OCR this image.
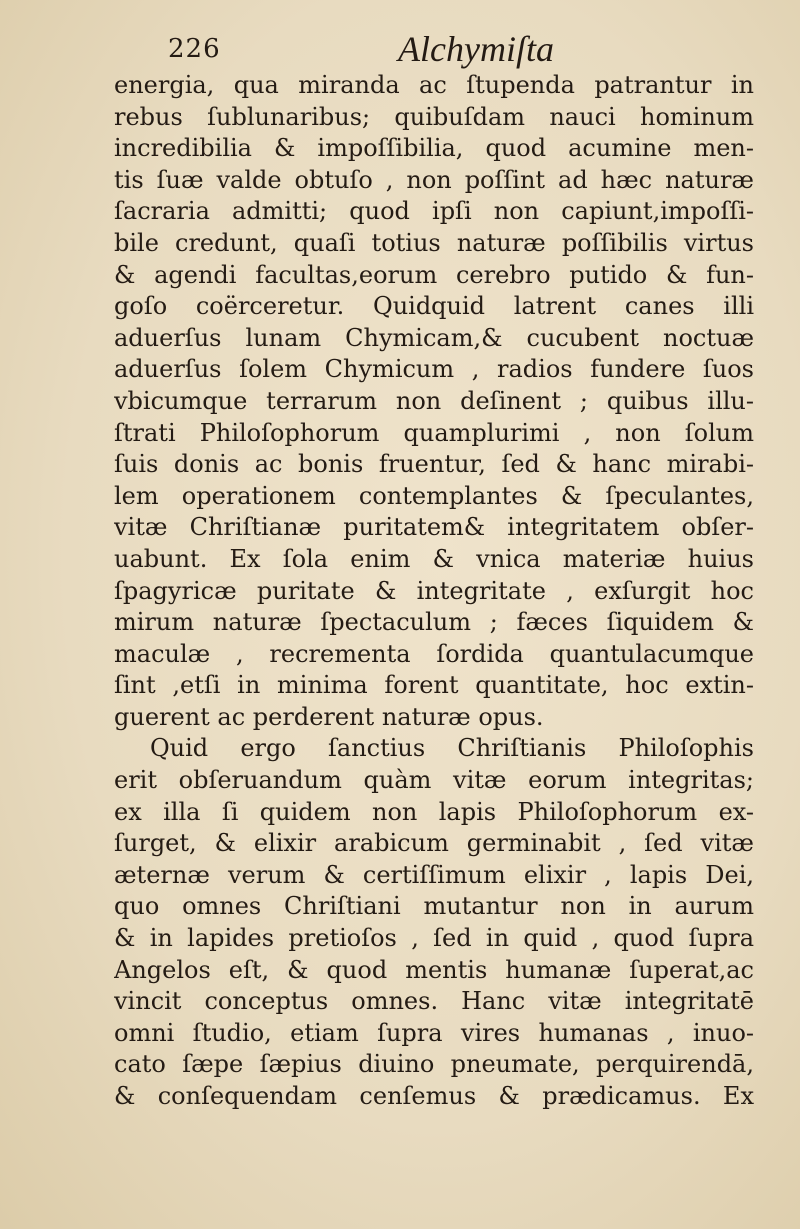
226	Alchymiſta
energia, qua miranda ac ſtupenda patrantur in
rebus ſublunaribus; quibuſdam nauci hominum
incredibilia & impoſſibilia, quod acumine men-
tis ſuæ valde obtuſo , non poſſint ad hæc naturæ
ſacraria admitti; quod ipſi non capiunt,impoſſi-
bile credunt, quaſi totius naturæ poſſibilis virtus
& agendi facultas,eorum cerebro putido & fun-
goſo coërceretur. Quidquid latrent canes illi
aduerſus lunam Chymicam,& cucubent noctuæ
aduerſus ſolem Chymicum , radios fundere ſuos
vbicumque terrarum non deſinent ; quibus illu-
ſtrati Philoſophorum quamplurimi , non ſolum
ſuis donis ac bonis fruentur, ſed & hanc mirabi-
lem operationem contemplantes & ſpeculantes,
vitæ Chriſtianæ puritatem& integritatem obſer-
uabunt. Ex ſola enim & vnica materiæ huius
ſpagyricæ puritate & integritate , exſurgit hoc
mirum naturæ ſpectaculum ; fæces ſiquidem &
maculæ , recrementa ſordida quantulacumque
ſint ,etſi in minima forent quantitate, hoc extin-
guerent ac perderent naturæ opus.
Quid ergo ſanctius Chriſtianis Philoſophis
erit obſeruandum quàm vitæ eorum integritas;
ex illa ſi quidem non lapis Philoſophorum ex-
ſurget, & elixir arabicum germinabit , ſed vitæ
æternæ verum & certiſſimum elixir , lapis Dei,
quo omnes Chriſtiani mutantur non in aurum
& in lapides pretioſos , ſed in quid , quod ſupra
Angelos eſt, & quod mentis humanæ ſuperat,ac
vincit conceptus omnes. Hanc vitæ integritatē
omni ſtudio, etiam ſupra vires humanas , inuo-
cato ſæpe ſæpius diuino pneumate, perquirendā,
& conſequendam cenſemus & prædicamus. Ex
